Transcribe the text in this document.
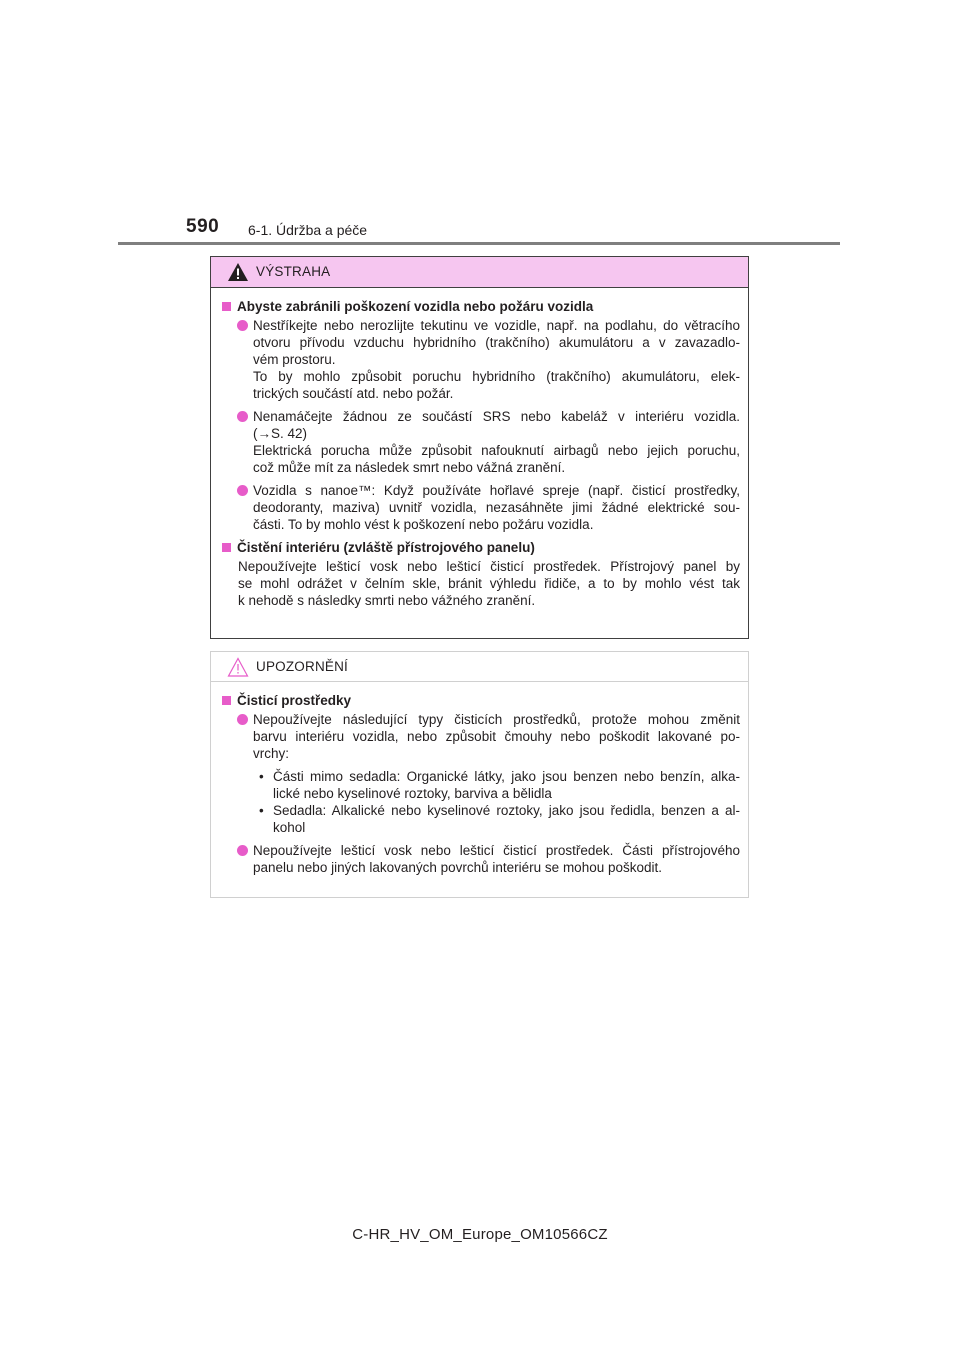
590 6-1. Údržba a péče
VÝSTRAHA
Abyste zabránili poškození vozidla nebo požáru vozidla
Nestříkejte nebo nerozlijte tekutinu ve vozidle, např. na podlahu, do větracího
otvoru přívodu vzduchu hybridního (trakčního) akumulátoru a v zavazadlo-
vém prostoru.
To by mohlo způsobit poruchu hybridního (trakčního) akumulátoru, elek-
trických součástí atd. nebo požár.
Nenamáčejte žádnou ze součástí SRS nebo kabeláž v interiéru vozidla.
(→S. 42)
Elektrická porucha může způsobit nafouknutí airbagů nebo jejich poruchu,
což může mít za následek smrt nebo vážná zranění.
Vozidla s nanoe™: Když používáte hořlavé spreje (např. čisticí prostředky,
deodoranty, maziva) uvnitř vozidla, nezasáhněte jimi žádné elektrické sou-
části. To by mohlo vést k poškození nebo požáru vozidla.
Čistění interiéru (zvláště přístrojového panelu)
Nepoužívejte lešticí vosk nebo lešticí čisticí prostředek. Přístrojový panel by
se mohl odrážet v čelním skle, bránit výhledu řidiče, a to by mohlo vést tak
k nehodě s následky smrti nebo vážného zranění.
UPOZORNĚNÍ
Čisticí prostředky
Nepoužívejte následující typy čisticích prostředků, protože mohou změnit
barvu interiéru vozidla, nebo způsobit čmouhy nebo poškodit lakované po-
vrchy:
• Části mimo sedadla: Organické látky, jako jsou benzen nebo benzín, alka-
lické nebo kyselinové roztoky, barviva a bělidla
• Sedadla: Alkalické nebo kyselinové roztoky, jako jsou ředidla, benzen a al-
kohol
Nepoužívejte lešticí vosk nebo lešticí čisticí prostředek. Části přístrojového
panelu nebo jiných lakovaných povrchů interiéru se mohou poškodit.
C-HR_HV_OM_Europe_OM10566CZ
